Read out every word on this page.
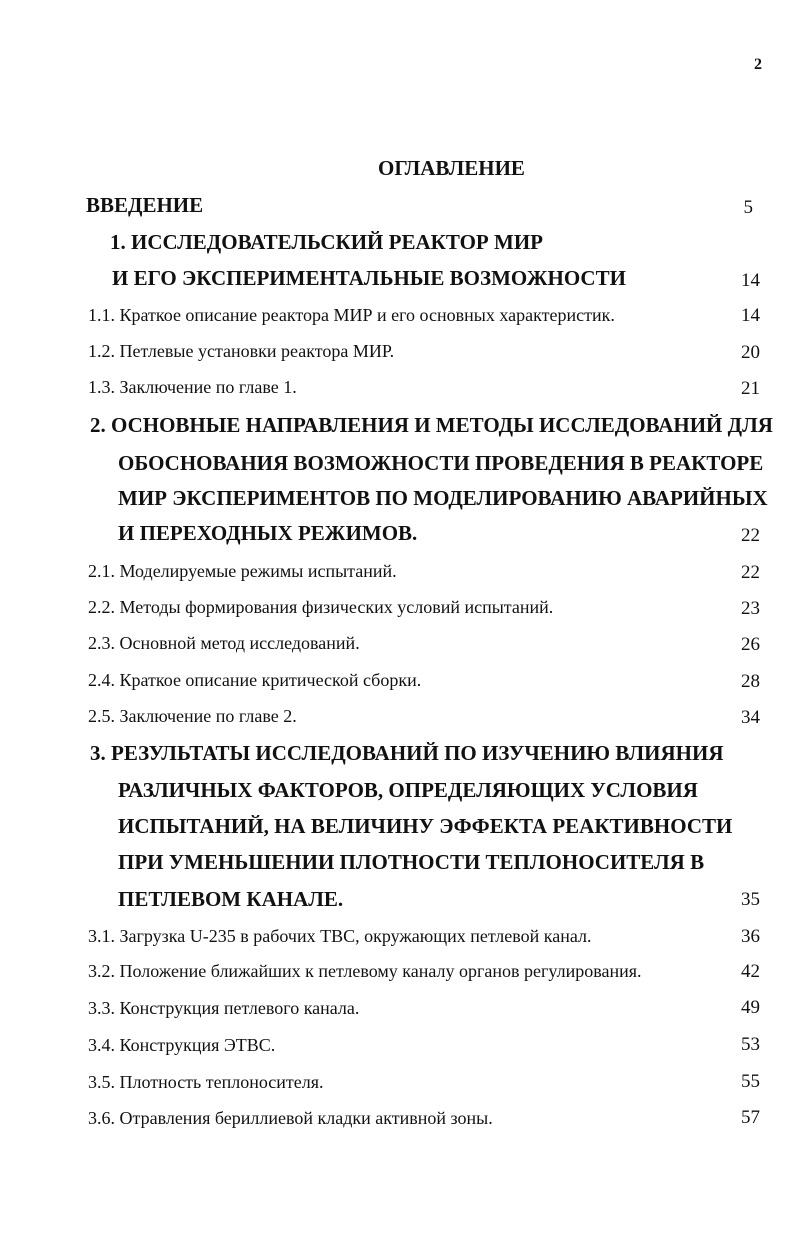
2
ОГЛАВЛЕНИЕ
ВВЕДЕНИЕ	5
1. ИССЛЕДОВАТЕЛЬСКИЙ РЕАКТОР МИР
И ЕГО ЭКСПЕРИМЕНТАЛЬНЫЕ ВОЗМОЖНОСТИ	14
1.1. Краткое описание реактора МИР и его основных характеристик.	14
1.2. Петлевые установки реактора МИР.	20
1.3. Заключение по главе 1.	21
2. ОСНОВНЫЕ НАПРАВЛЕНИЯ И МЕТОДЫ ИССЛЕДОВАНИЙ ДЛЯ
ОБОСНОВАНИЯ ВОЗМОЖНОСТИ ПРОВЕДЕНИЯ В РЕАКТОРЕ
МИР ЭКСПЕРИМЕНТОВ ПО МОДЕЛИРОВАНИЮ АВАРИЙНЫХ
И ПЕРЕХОДНЫХ РЕЖИМОВ.	22
2.1. Моделируемые режимы испытаний.	22
2.2. Методы формирования физических условий испытаний.	23
2.3. Основной метод исследований.	26
2.4. Краткое описание критической сборки.	28
2.5. Заключение по главе 2.	34
3. РЕЗУЛЬТАТЫ ИССЛЕДОВАНИЙ ПО ИЗУЧЕНИЮ ВЛИЯНИЯ
РАЗЛИЧНЫХ ФАКТОРОВ, ОПРЕДЕЛЯЮЩИХ УСЛОВИЯ
ИСПЫТАНИЙ, НА ВЕЛИЧИНУ ЭФФЕКТА РЕАКТИВНОСТИ
ПРИ УМЕНЬШЕНИИ ПЛОТНОСТИ ТЕПЛОНОСИТЕЛЯ В
ПЕТЛЕВОМ КАНАЛЕ.	35
3.1. Загрузка U-235 в рабочих ТВС, окружающих петлевой канал.	36
3.2. Положение ближайших к петлевому каналу органов регулирования.	42
3.3. Конструкция петлевого канала.	49
3.4. Конструкция ЭТВС.	53
3.5. Плотность теплоносителя.	55
3.6. Отравления бериллиевой кладки активной зоны.	57
